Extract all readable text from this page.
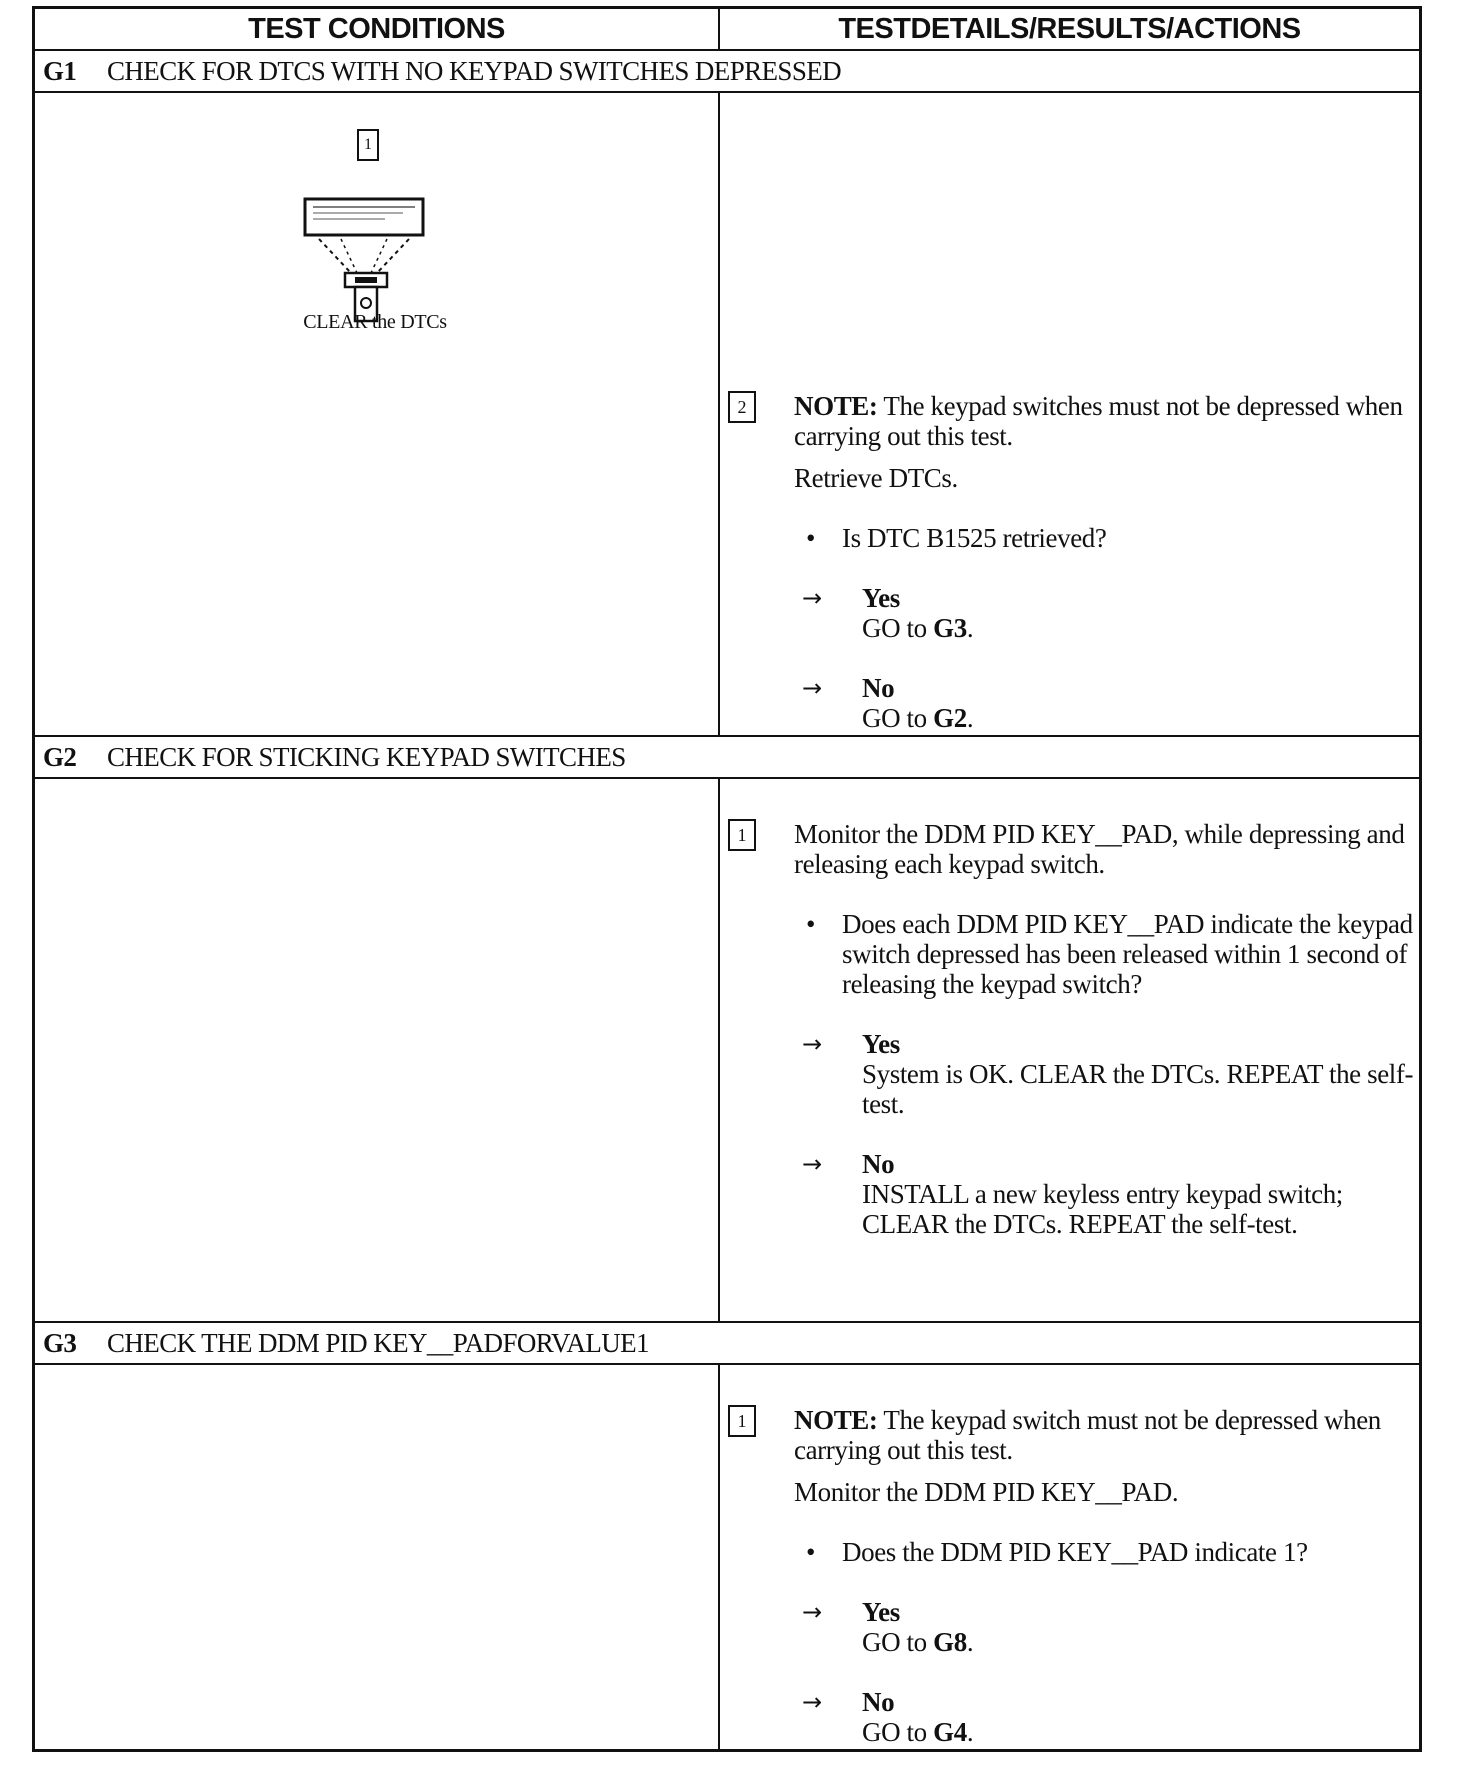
TEST CONDITIONS	TESTDETAILS/RESULTS/ACTIONS
G1	CHECK FOR DTCS WITH NO KEYPAD SWITCHES DEPRESSED
1
CLEAR the DTCs
2	NOTE: The keypad switches must not be depressed when carrying out this test.

Retrieve DTCs.

• Is DTC B1525 retrieved?
→ Yes
GO to G3.
→ No
GO to G2.
G2	CHECK FOR STICKING KEYPAD SWITCHES
1	Monitor the DDM PID KEY__PAD, while depressing and releasing each keypad switch.

• Does each DDM PID KEY__PAD indicate the keypad switch depressed has been released within 1 second of releasing the keypad switch?
→ Yes
System is OK. CLEAR the DTCs. REPEAT the self-test.
→ No
INSTALL a new keyless entry keypad switch; CLEAR the DTCs. REPEAT the self-test.
G3	CHECK THE DDM PID KEY__PADFORVALUE1
1	NOTE: The keypad switch must not be depressed when carrying out this test.

Monitor the DDM PID KEY__PAD.

• Does the DDM PID KEY__PAD indicate 1?
→ Yes
GO to G8.
→ No
GO to G4.
